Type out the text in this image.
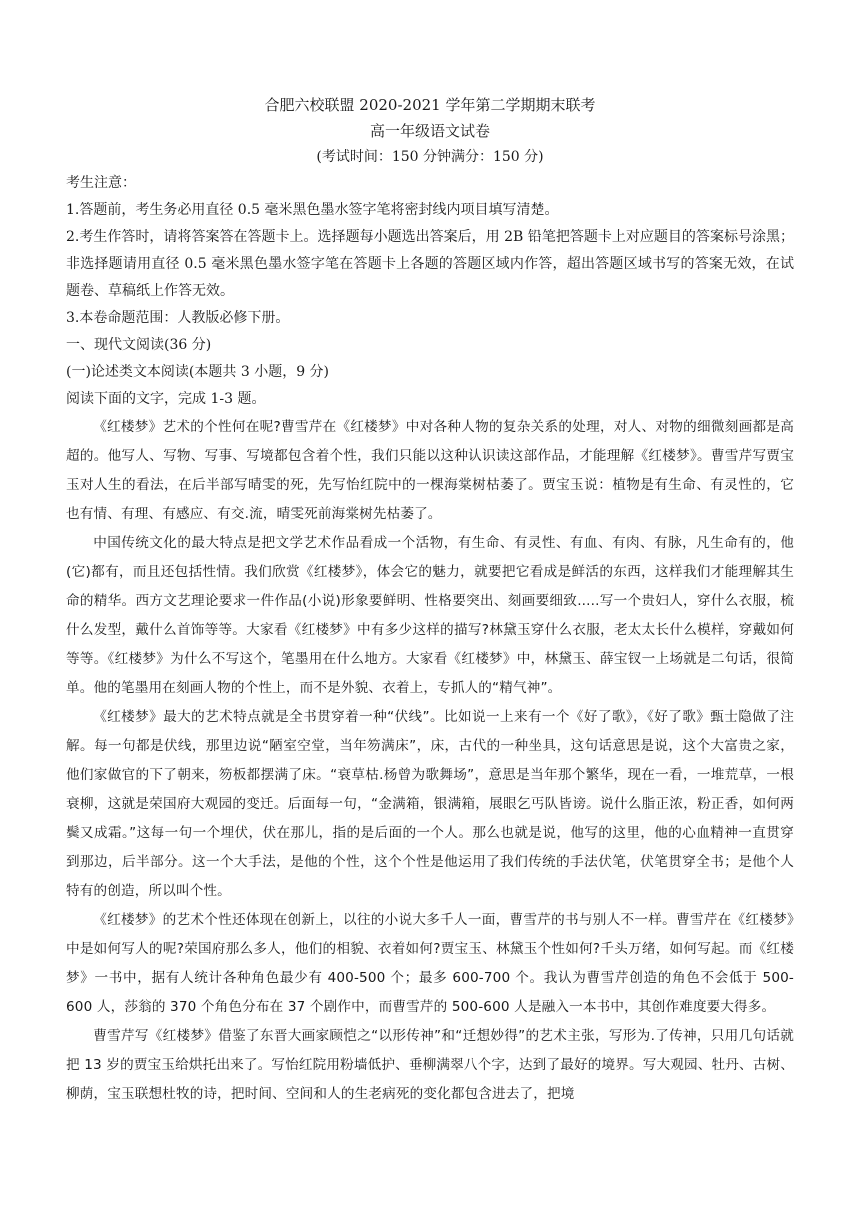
合肥六校联盟 2020-2021 学年第二学期期末联考
高一年级语文试卷
(考试时间：150 分钟满分：150 分)
考生注意：
1.答题前，考生务必用直径 0.5 毫米黑色墨水签字笔将密封线内项目填写清楚。
2.考生作答时，请将答案答在答题卡上。选择题每小题选出答案后，用 2B 铅笔把答题卡上对应题目的答案标号涂黑；非选择题请用直径 0.5 毫米黑色墨水签字笔在答题卡上各题的答题区域内作答，超出答题区域书写的答案无效，在试题卷、草稿纸上作答无效。
3.本卷命题范围：人教版必修下册。
一、现代文阅读(36 分)
(一)论述类文本阅读(本题共 3 小题，9 分)
阅读下面的文字，完成 1-3 题。

《红楼梦》艺术的个性何在呢?曹雪芹在《红楼梦》中对各种人物的复杂关系的处理，对人、对物的细微刻画都是高超的。他写人、写物、写事、写境都包含着个性，我们只能以这种认识读这部作品，才能理解《红楼梦》。曹雪芹写贾宝玉对人生的看法，在后半部写晴雯的死，先写怡红院中的一棵海棠树枯萎了。贾宝玉说：植物是有生命、有灵性的，它也有情、有理、有感应、有交.流，晴雯死前海棠树先枯萎了。

中国传统文化的最大特点是把文学艺术作品看成一个活物，有生命、有灵性、有血、有肉、有脉，凡生命有的，他(它)都有，而且还包括性情。我们欣赏《红楼梦》，体会它的魅力，就要把它看成是鲜活的东西，这样我们才能理解其生命的精华。西方文艺理论要求一件作品(小说)形象要鲜明、性格要突出、刻画要细致.....写一个贵妇人，穿什么衣服，梳什么发型，戴什么首饰等等。大家看《红楼梦》中有多少这样的描写?林黛玉穿什么衣服，老太太长什么模样，穿戴如何等等。《红楼梦》为什么不写这个，笔墨用在什么地方。大家看《红楼梦》中，林黛玉、薛宝钗一上场就是二句话，很简单。他的笔墨用在刻画人物的个性上，而不是外貌、衣着上，专抓人的“精气神”。

《红楼梦》最大的艺术特点就是全书贯穿着一种“伏线”。比如说一上来有一个《好了歌》，《好了歌》甄士隐做了注解。每一句都是伏线，那里边说“陋室空堂，当年笏满床”，床，古代的一种坐具，这句话意思是说，这个大富贵之家，他们家做官的下了朝来，笏板都摆满了床。“衰草枯.杨曾为歌舞场”，意思是当年那个繁华，现在一看，一堆荒草，一根衰柳，这就是荣国府大观园的变迁。后面每一句，“金满箱，银满箱，展眼乞丐队皆谤。说什么脂正浓，粉正香，如何两鬓又成霜。”这每一句一个埋伏，伏在那儿，指的是后面的一个人。那么也就是说，他写的这里，他的心血精神一直贯穿到那边，后半部分。这一个大手法，是他的个性，这个个性是他运用了我们传统的手法伏笔，伏笔贯穿全书；是他个人特有的创造，所以叫个性。

《红楼梦》的艺术个性还体现在创新上，以往的小说大多千人一面，曹雪芹的书与别人不一样。曹雪芹在《红楼梦》中是如何写人的呢?荣国府那么多人，他们的相貌、衣着如何?贾宝玉、林黛玉个性如何?千头万绪，如何写起。而《红楼梦》一书中，据有人统计各种角色最少有 400-500 个；最多 600-700 个。我认为曹雪芹创造的角色不会低于 500-600 人，莎翁的 370 个角色分布在 37 个剧作中，而曹雪芹的 500-600 人是融入一本书中，其创作难度要大得多。

曹雪芹写《红楼梦》借鉴了东晋大画家顾恺之“以形传神”和“迁想妙得”的艺术主张，写形为.了传神，只用几句话就把 13 岁的贾宝玉给烘托出来了。写怡红院用粉墙低护、垂柳满翠八个字，达到了最好的境界。写大观园、牡丹、古树、柳荫，宝玉联想杜牧的诗，把时间、空间和人的生老病死的变化都包含进去了，把境
